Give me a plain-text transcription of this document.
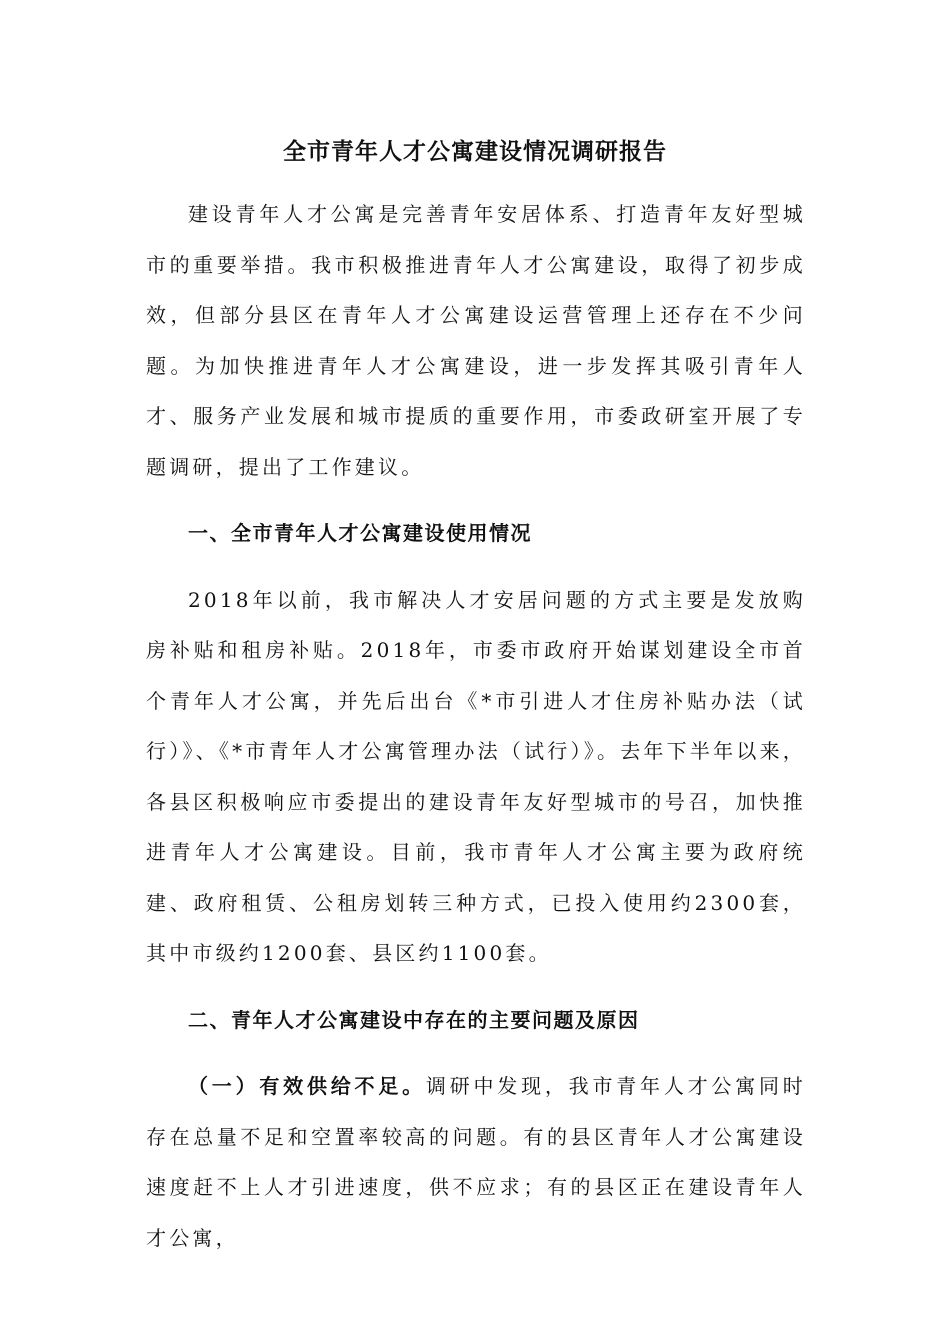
全市青年人才公寓建设情况调研报告

建设青年人才公寓是完善青年安居体系、打造青年友好型城市的重要举措。我市积极推进青年人才公寓建设，取得了初步成效，但部分县区在青年人才公寓建设运营管理上还存在不少问题。为加快推进青年人才公寓建设，进一步发挥其吸引青年人才、服务产业发展和城市提质的重要作用，市委政研室开展了专题调研，提出了工作建议。

一、全市青年人才公寓建设使用情况

2018年以前，我市解决人才安居问题的方式主要是发放购房补贴和租房补贴。2018年，市委市政府开始谋划建设全市首个青年人才公寓，并先后出台《*市引进人才住房补贴办法（试行）》、《*市青年人才公寓管理办法（试行）》。去年下半年以来，各县区积极响应市委提出的建设青年友好型城市的号召，加快推进青年人才公寓建设。目前，我市青年人才公寓主要为政府统建、政府租赁、公租房划转三种方式，已投入使用约2300套，其中市级约1200套、县区约1100套。

二、青年人才公寓建设中存在的主要问题及原因

（一）有效供给不足。调研中发现，我市青年人才公寓同时存在总量不足和空置率较高的问题。有的县区青年人才公寓建设速度赶不上人才引进速度，供不应求；有的县区正在建设青年人才公寓，
